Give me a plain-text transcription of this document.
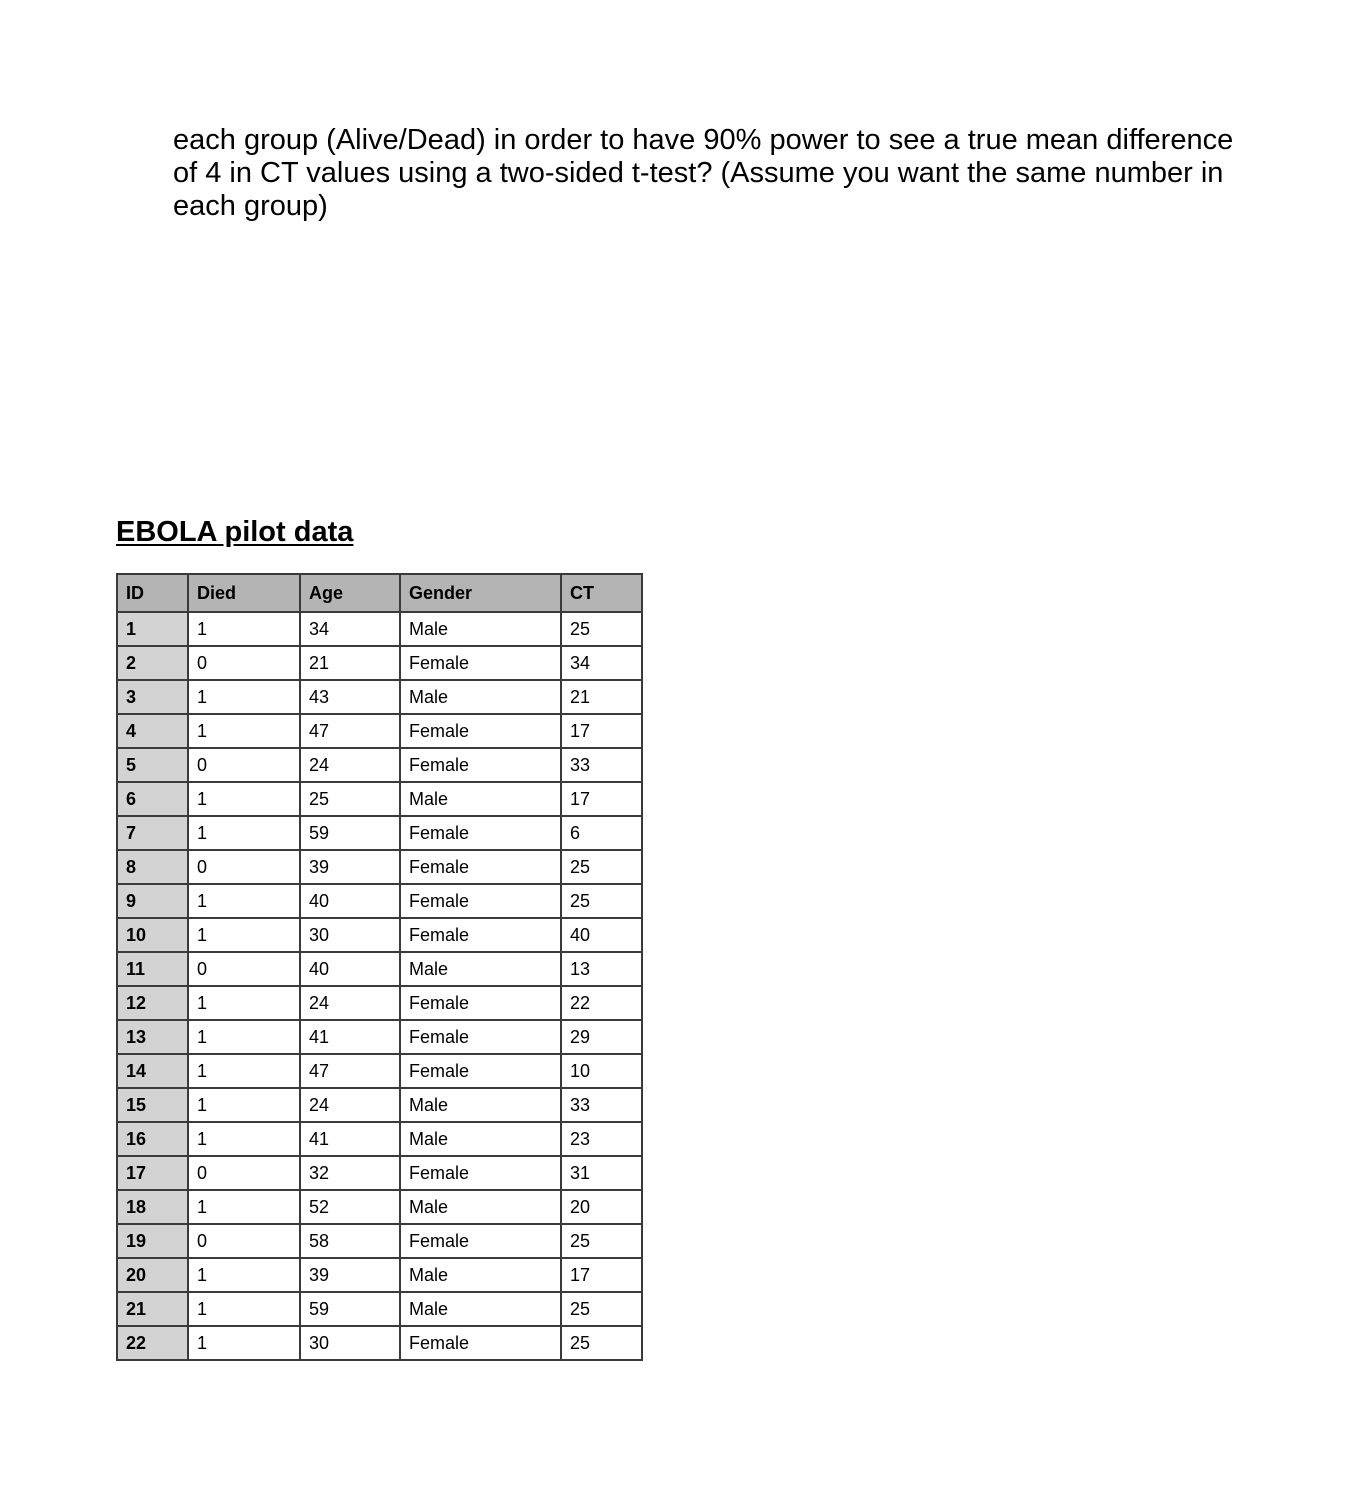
each group (Alive/Dead) in order to have 90% power to see a true mean difference of 4 in CT values using a two-sided t-test? (Assume you want the same number in each group)

EBOLA pilot data
ID	Died	Age	Gender	CT
1	1	34	Male	25
2	0	21	Female	34
3	1	43	Male	21
4	1	47	Female	17
5	0	24	Female	33
6	1	25	Male	17
7	1	59	Female	6
8	0	39	Female	25
9	1	40	Female	25
10	1	30	Female	40
11	0	40	Male	13
12	1	24	Female	22
13	1	41	Female	29
14	1	47	Female	10
15	1	24	Male	33
16	1	41	Male	23
17	0	32	Female	31
18	1	52	Male	20
19	0	58	Female	25
20	1	39	Male	17
21	1	59	Male	25
22	1	30	Female	25
